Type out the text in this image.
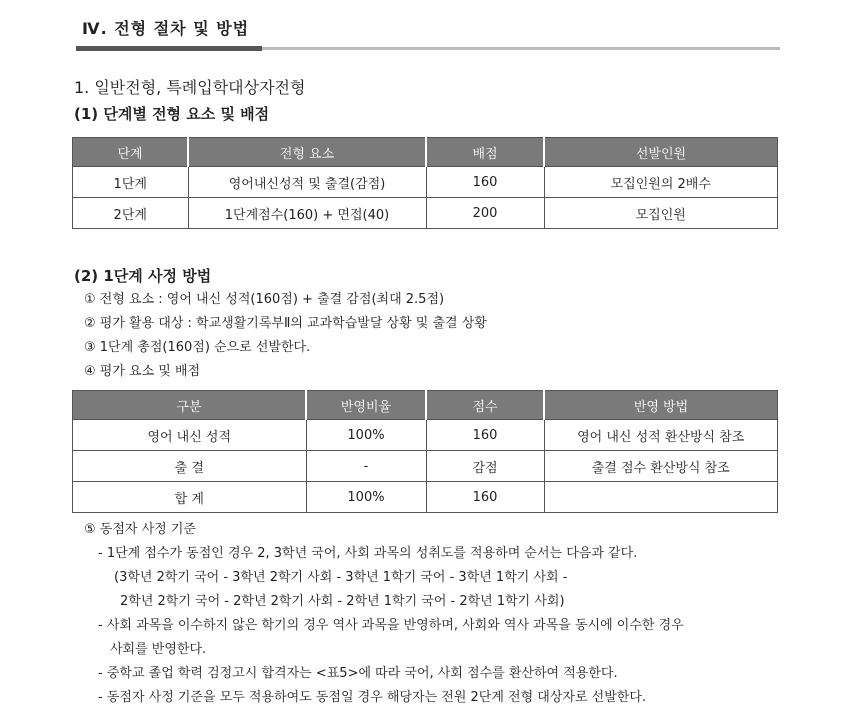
Ⅳ. 전형 절차 및 방법
1. 일반전형, 특례입학대상자전형
(1) 단계별 전형 요소 및 배점
단계	전형 요소	배점	선발인원
1단계	영어내신성적 및 출결(감점)	160	모집인원의 2배수
2단계	1단계점수(160) + 면접(40)	200	모집인원
(2) 1단계 사정 방법
① 전형 요소 : 영어 내신 성적(160점) + 출결 감점(최대 2.5점)
② 평가 활용 대상 : 학교생활기록부Ⅱ의 교과학습발달 상황 및 출결 상황
③ 1단계 총점(160점) 순으로 선발한다.
④ 평가 요소 및 배점
구분	반영비율	점수	반영 방법
영어 내신 성적	100%	160	영어 내신 성적 환산방식 참조
출 결	-	감점	출결 점수 환산방식 참조
합 계	100%	160	
⑤ 동점자 사정 기준
- 1단계 점수가 동점인 경우 2, 3학년 국어, 사회 과목의 성취도를 적용하며 순서는 다음과 같다.
(3학년 2학기 국어 - 3학년 2학기 사회 - 3학년 1학기 국어 - 3학년 1학기 사회 -
2학년 2학기 국어 - 2학년 2학기 사회 - 2학년 1학기 국어 - 2학년 1학기 사회)
- 사회 과목을 이수하지 않은 학기의 경우 역사 과목을 반영하며, 사회와 역사 과목을 동시에 이수한 경우
사회를 반영한다.
- 중학교 졸업 학력 검정고시 합격자는 <표5>에 따라 국어, 사회 점수를 환산하여 적용한다.
- 동점자 사정 기준을 모두 적용하여도 동점일 경우 해당자는 전원 2단계 전형 대상자로 선발한다.
